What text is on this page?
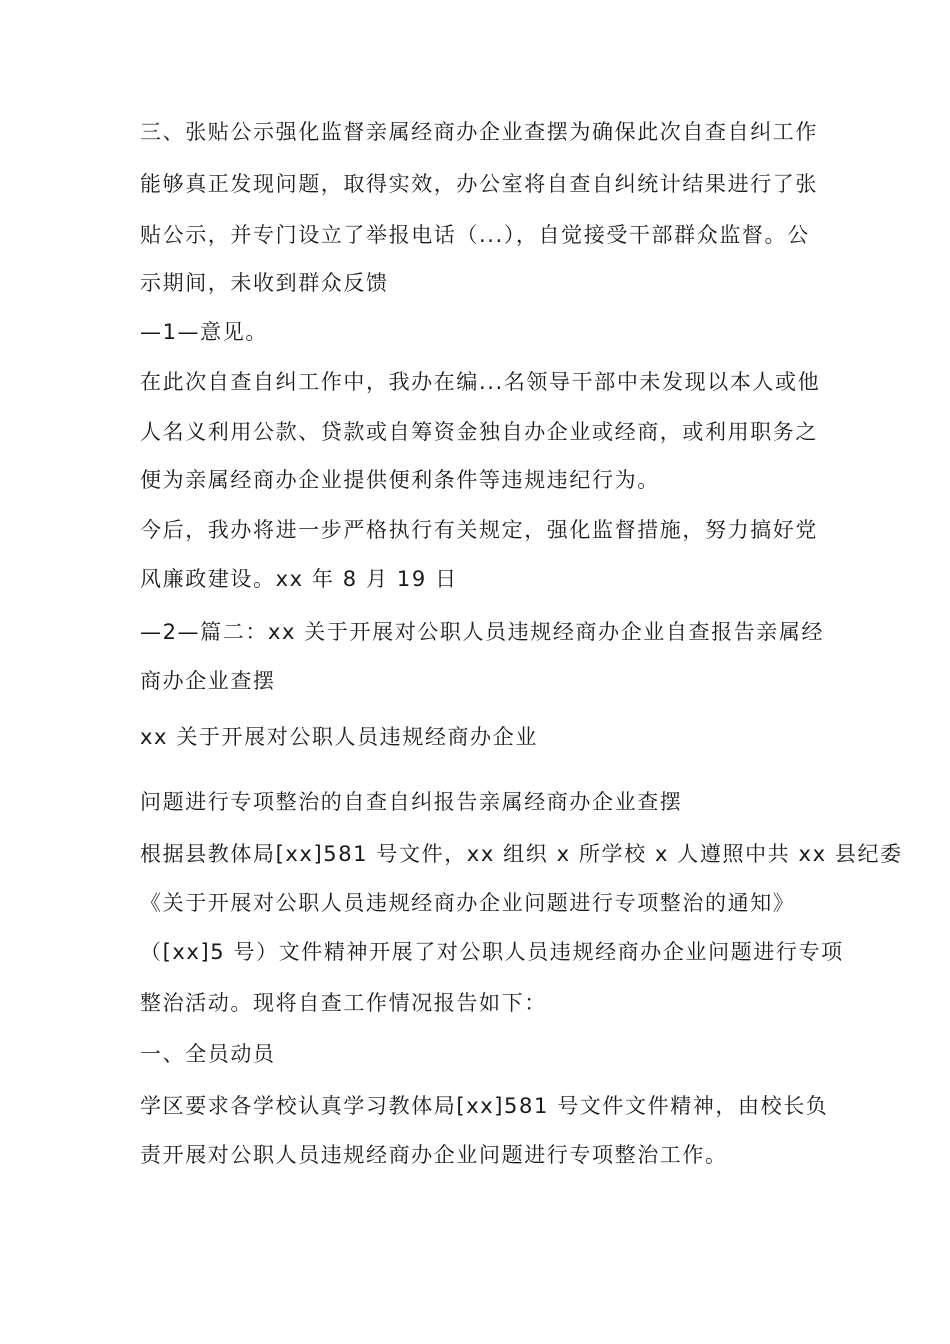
三、张贴公示强化监督亲属经商办企业查摆为确保此次自查自纠工作
能够真正发现问题，取得实效，办公室将自查自纠统计结果进行了张
贴公示，并专门设立了举报电话（...），自觉接受干部群众监督。公
示期间，未收到群众反馈
—1—意见。
在此次自查自纠工作中，我办在编...名领导干部中未发现以本人或他
人名义利用公款、贷款或自筹资金独自办企业或经商，或利用职务之
便为亲属经商办企业提供便利条件等违规违纪行为。
今后，我办将进一步严格执行有关规定，强化监督措施，努力搞好党
风廉政建设。xx 年 8 月 19 日
—2—篇二：xx 关于开展对公职人员违规经商办企业自查报告亲属经
商办企业查摆
xx 关于开展对公职人员违规经商办企业
问题进行专项整治的自查自纠报告亲属经商办企业查摆
根据县教体局[xx]581 号文件，xx 组织 x 所学校 x 人遵照中共 xx 县纪委
《关于开展对公职人员违规经商办企业问题进行专项整治的通知》
（[xx]5 号）文件精神开展了对公职人员违规经商办企业问题进行专项
整治活动。现将自查工作情况报告如下：
一、全员动员
学区要求各学校认真学习教体局[xx]581 号文件文件精神，由校长负
责开展对公职人员违规经商办企业问题进行专项整治工作。
